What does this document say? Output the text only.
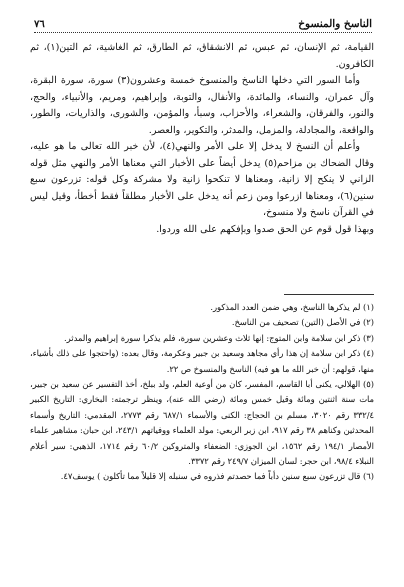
٧٦	الناسخ والمنسوخ

القيامة، ثم الإنسان، ثم عبس، ثم الانشقاق، ثم الطارق، ثم الغاشية، ثم التين(١)، ثم الكافرون.

وأما السور التي دخلها الناسخ والمنسوخ خمسة وعشرون(٣) سورة، سورة البقرة، وآل عمران، والنساء، والمائدة، والأنفال، والتوبة، وإبراهيم، ومريم، والأنبياء، والحج، والنور، والفرقان، والشعراء، والأحزاب، وسبأ، والمؤمن، والشورى، والذاريات، والطور، والواقعة، والمجادلة، والمزمل، والمدثر، والتكوير، والعصر.

وأعلم أن النسخ لا يدخل إلا على الأمر والنهي(٤)، لأن خبر الله تعالى ما هو عليه، وقال الضحاك بن مزاحم(٥) يدخل أيضاً على الأخبار التي معناها الأمر والنهي مثل قوله الزاني لا ينكح إلا زانية، ومعناها لا تنكحوا زانية ولا مشركة وكل قوله: تزرعون سبع سنين(٦)، ومعناها ازرعوا ومن زعم أنه يدخل على الأخبار مطلقاً فقط أخطأ، وقيل ليس في القرآن ناسخ ولا منسوخ،

وبهذا قول قوم عن الحق صدوا وبإفكهم على الله وردوا.

(١) لم يذكرها الناسخ، وهي ضمن العدد المذكور.

(٢) في الأصل (التين) تصحيف من الناسخ.

(٣) ذكر ابن سلامة وابن المتوج: إنها ثلاث وعشرين سورة، فلم يذكرا سورة إبراهيم والمدثر.

(٤) ذكر ابن سلامة إن هذا رأي مجاهد وسعيد بن جبير وعكرمة، وقال بعده: (واحتجوا على ذلك بأشياء، منها، قولهم: أن خبر الله ما هو فيه) الناسخ والمنسوخ ص ٢٢.

(٥) الهلالي، يكنى أبا القاسم، المفسر، كان من أوعية العلم، ولد ببلخ، أخذ التفسير عن سعيد بن جبير، مات سنة اثنتين ومائة وقيل خمس ومائة (رضي الله عنه)، وينظر ترجمته: البخاري: التاريخ الكبير ٣٣٢/٤ رقم ٣٠٢٠، مسلم بن الحجاج: الكنى والأسماء ٦٨٧/١ رقم ٢٧٧٣، المقدمي: التاريخ وأسماء المحدثين وكناهم ٣٨ رقم ٩١٧، ابن زبر الربعي: مولد العلماء ووفياتهم ٢٤٣/١، ابن حبان: مشاهير علماء الأمصار ١٩٤/١ رقم ١٥٦٢، ابن الجوزي: الضعفاء والمتروكين ٦٠/٢ رقم ١٧١٤، الذهبي: سير أعلام النبلاء ٩٨/٤، ابن حجر: لسان الميزان ٢٤٩/٧ رقم ٣٣٧٢.

(٦) قال تزرعون سبع سنين دأباً فما حصدتم فذروه في سنبله إلا قليلاً مما تأكلون ) يوسف٤٧.
